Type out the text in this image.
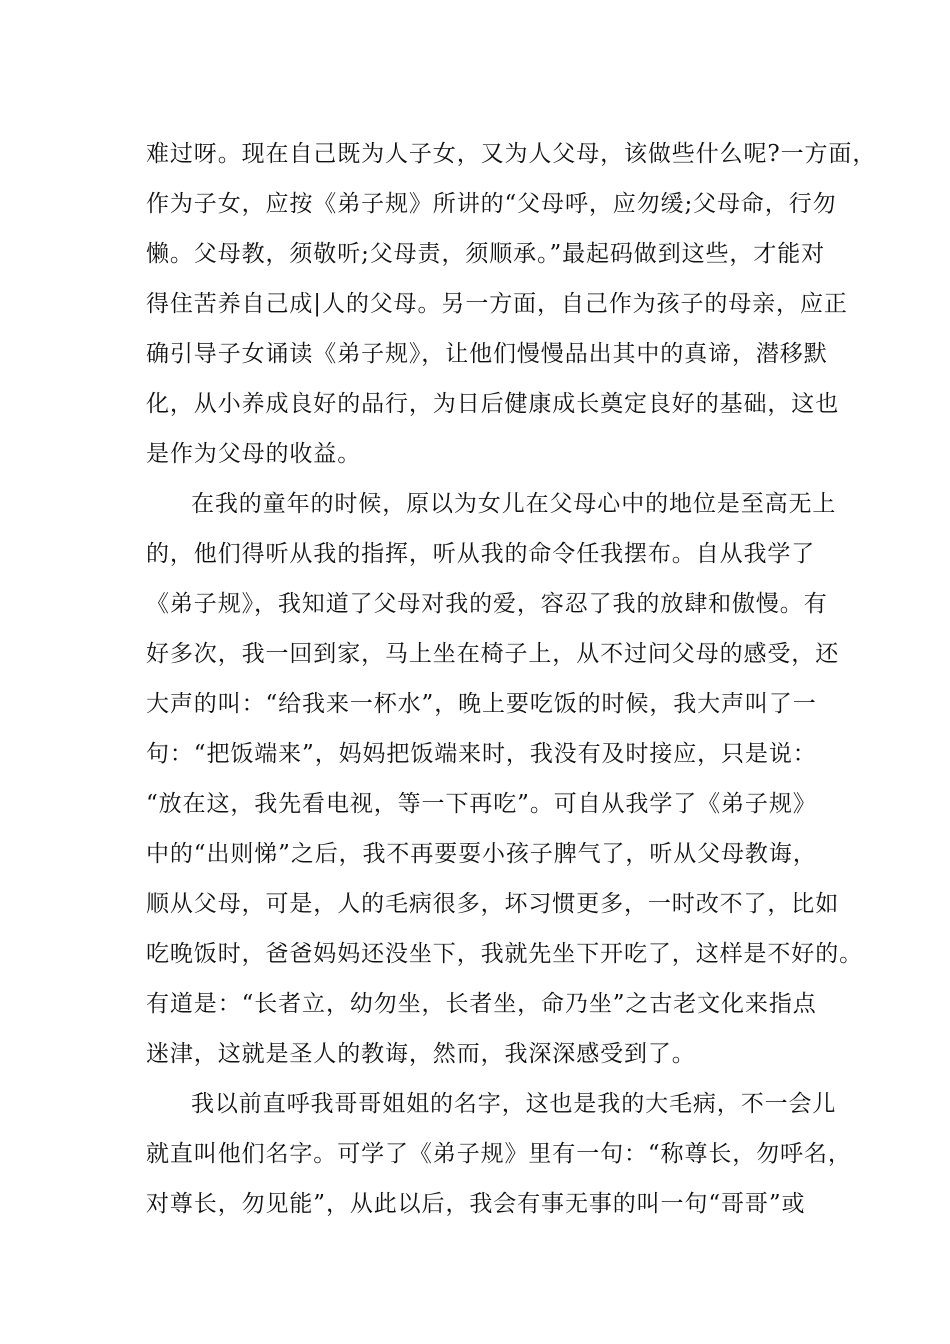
难过呀。现在自己既为人子女，又为人父母，该做些什么呢?一方面，
作为子女，应按《弟子规》所讲的“父母呼，应勿缓;父母命，行勿
懒。父母教，须敬听;父母责，须顺承。”最起码做到这些，才能对
得住苦养自己成|人的父母。另一方面，自己作为孩子的母亲，应正
确引导子女诵读《弟子规》，让他们慢慢品出其中的真谛，潜移默
化，从小养成良好的品行，为日后健康成长奠定良好的基础，这也
是作为父母的收益。
在我的童年的时候，原以为女儿在父母心中的地位是至高无上
的，他们得听从我的指挥，听从我的命令任我摆布。自从我学了
《弟子规》，我知道了父母对我的爱，容忍了我的放肆和傲慢。有
好多次，我一回到家，马上坐在椅子上，从不过问父母的感受，还
大声的叫：“给我来一杯水”，晚上要吃饭的时候，我大声叫了一
句：“把饭端来”，妈妈把饭端来时，我没有及时接应，只是说：
“放在这，我先看电视，等一下再吃”。可自从我学了《弟子规》
中的“出则悌”之后，我不再要耍小孩子脾气了，听从父母教诲，
顺从父母，可是，人的毛病很多，坏习惯更多，一时改不了，比如
吃晚饭时，爸爸妈妈还没坐下，我就先坐下开吃了，这样是不好的。
有道是：“长者立，幼勿坐，长者坐，命乃坐”之古老文化来指点
迷津，这就是圣人的教诲，然而，我深深感受到了。
我以前直呼我哥哥姐姐的名字，这也是我的大毛病，不一会儿
就直叫他们名字。可学了《弟子规》里有一句：“称尊长，勿呼名，
对尊长，勿见能”，从此以后，我会有事无事的叫一句“哥哥”或
